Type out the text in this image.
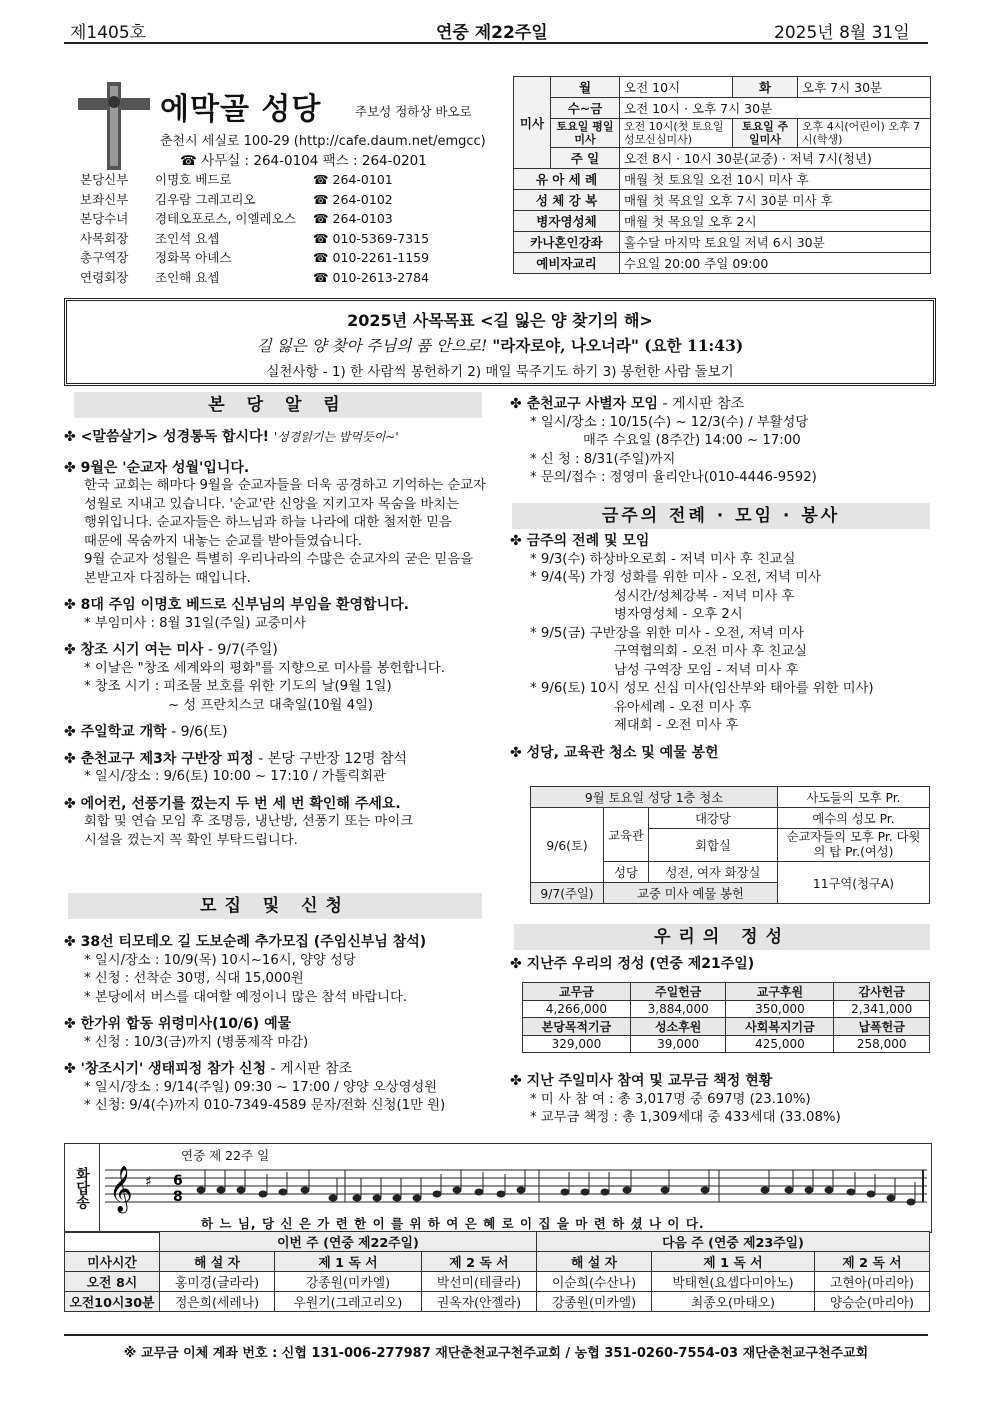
제1405호	연중 제22주일	2025년 8월 31일
에막골 성당	주보성 정하상 바오로
춘천시 세실로 100-29 (http://cafe.daum.net/emgcc)
☎ 사무실 : 264-0104 팩스 : 264-0201
본당신부	이명호 베드로	☎ 264-0101
보좌신부	김우람 그레고리오	☎ 264-0102
본당수녀	경테오포로스, 이엘레오스	☎ 264-0103
사목회장	조인석 요셉	☎ 010-5369-7315
총구역장	정화목 아녜스	☎ 010-2261-1159
연령회장	조인해 요셉	☎ 010-2613-2784
미사	월	오전 10시	화	오후 7시 30분
	수~금	오전 10시 · 오후 7시 30분		
	토요일 평일미사	오전 10시(첫 토요일 성모신심미사)	토요일 주일미사	오후 4시(어린이) 오후 7시(학생)
	주 일	오전 8시 · 10시 30분(교중) · 저녁 7시(청년)		
유 아 세 례		매월 첫 토요일 오전 10시 미사 후		
성 체 강 복		매월 첫 목요일 오후 7시 30분 미사 후		
병자영성체		매월 첫 목요일 오후 2시		
카나혼인강좌		홀수달 마지막 토요일 저녁 6시 30분		
예비자교리		수요일 20:00 주일 09:00		
2025년 사목목표 <길 잃은 양 찾기의 해>
길 잃은 양 찾아 주님의 품 안으로! "라자로야, 나오너라" (요한 11:43)
실천사항 - 1) 한 사람씩 봉헌하기 2) 매일 묵주기도 하기 3) 봉헌한 사람 돌보기
본 당 알 림
✤ <말씀살기> 성경통독 합시다! '성경읽기는 밥먹듯이~'
✤ 9월은 '순교자 성월'입니다.
한국 교회는 해마다 9월을 순교자들을 더욱 공경하고 기억하는 순교자
성월로 지내고 있습니다. '순교'란 신앙을 지키고자 목숨을 바치는
행위입니다. 순교자들은 하느님과 하늘 나라에 대한 철저한 믿음
때문에 목숨까지 내놓는 순교를 받아들였습니다.
9월 순교자 성월은 특별히 우리나라의 수많은 순교자의 굳은 믿음을
본받고자 다짐하는 때입니다.
✤ 8대 주임 이명호 베드로 신부님의 부임을 환영합니다.
* 부임미사 : 8월 31일(주일) 교중미사
✤ 창조 시기 여는 미사 - 9/7(주일)
* 이날은 "창조 세계와의 평화"를 지향으로 미사를 봉헌합니다.
* 창조 시기 : 피조물 보호를 위한 기도의 날(9월 1일)
~ 성 프란치스코 대축일(10월 4일)
✤ 주일학교 개학 - 9/6(토)
✤ 춘천교구 제3차 구반장 피정 - 본당 구반장 12명 참석
* 일시/장소 : 9/6(토) 10:00 ~ 17:10 / 가톨릭회관
✤ 에어컨, 선풍기를 껐는지 두 번 세 번 확인해 주세요.
회합 및 연습 모임 후 조명등, 냉난방, 선풍기 또는 마이크
시설을 껐는지 꼭 확인 부탁드립니다.
모집 및 신청
✤ 38선 티모테오 길 도보순례 추가모집 (주임신부님 참석)
* 일시/장소 : 10/9(목) 10시~16시, 양양 성당
* 신청 : 선착순 30명, 식대 15,000원
* 본당에서 버스를 대여할 예정이니 많은 참석 바랍니다.
✤ 한가위 합동 위령미사(10/6) 예물
* 신청 : 10/3(금)까지 (병풍제작 마감)
✤ '창조시기' 생태피정 참가 신청 - 게시판 참조
* 일시/장소 : 9/14(주일) 09:30 ~ 17:00 / 양양 오상영성원
* 신청: 9/4(수)까지 010-7349-4589 문자/전화 신청(1만 원)
✤ 춘천교구 사별자 모임 - 게시판 참조
* 일시/장소 : 10/15(수) ~ 12/3(수) / 부활성당
매주 수요일 (8주간) 14:00 ~ 17:00
* 신 청 : 8/31(주일)까지
* 문의/접수 : 정영미 율리안나(010-4446-9592)
금주의 전례 · 모임 · 봉사
✤ 금주의 전례 및 모임
* 9/3(수) 하상바오로회 - 저녁 미사 후 친교실
* 9/4(목) 가정 성화를 위한 미사 - 오전, 저녁 미사
성시간/성체강복 - 저녁 미사 후
병자영성체 - 오후 2시
* 9/5(금) 구반장을 위한 미사 - 오전, 저녁 미사
구역협의회 - 오전 미사 후 친교실
남성 구역장 모임 - 저녁 미사 후
* 9/6(토) 10시 성모 신심 미사(임산부와 태아를 위한 미사)
유아세례 - 오전 미사 후
제대회 - 오전 미사 후
✤ 성당, 교육관 청소 및 예물 봉헌
9월 토요일 성당 1층 청소			사도들의 모후 Pr.
9/6(토)	교육관	대강당	예수의 성모 Pr.
		회합실	순교자들의 모후 Pr. 다윗의 탑 Pr.(여성)
	성당	성전, 여자 화장실	11구역(청구A)
9/7(주일)	교중 미사 예물 봉헌		
우리의 정성
✤ 지난주 우리의 정성 (연중 제21주일)
교무금	주일헌금	교구후원	감사헌금
4,266,000	3,884,000	350,000	2,341,000
본당목적기금	성소후원	사회복지기금	납폭헌금
329,000	39,000	425,000	258,000
✤ 지난 주일미사 참여 및 교무금 책정 현황
* 미 사 참 여 : 총 3,017명 중 697명 (23.10%)
* 교무금 책정 : 총 1,309세대 중 433세대 (33.08%)
화답송
연중 제 22주 일
𝄞 ♯ 6
8
하 느 님, 당 신 은 가 련 한 이 를 위 하 여 은 혜 로 이 집 을 마 련 하 셨 나 이 다.
	이번 주 (연중 제22주일)			다음 주 (연중 제23주일)		
미사시간	해 설 자	제 1 독 서	제 2 독 서	해 설 자	제 1 독 서	제 2 독 서
오전 8시	홍미경(글라라)	강종원(미카엘)	박선미(테클라)	이순희(수산나)	박태현(요셉다미아노)	고현아(마리아)
오전10시30분	정은희(세레나)	우원기(그레고리오)	권옥자(안젤라)	강종원(미카엘)	최종오(마태오)	양승순(마리아)
※ 교무금 이체 계좌 번호 : 신협 131-006-277987 재단춘천교구천주교회 / 농협 351-0260-7554-03 재단춘천교구천주교회
